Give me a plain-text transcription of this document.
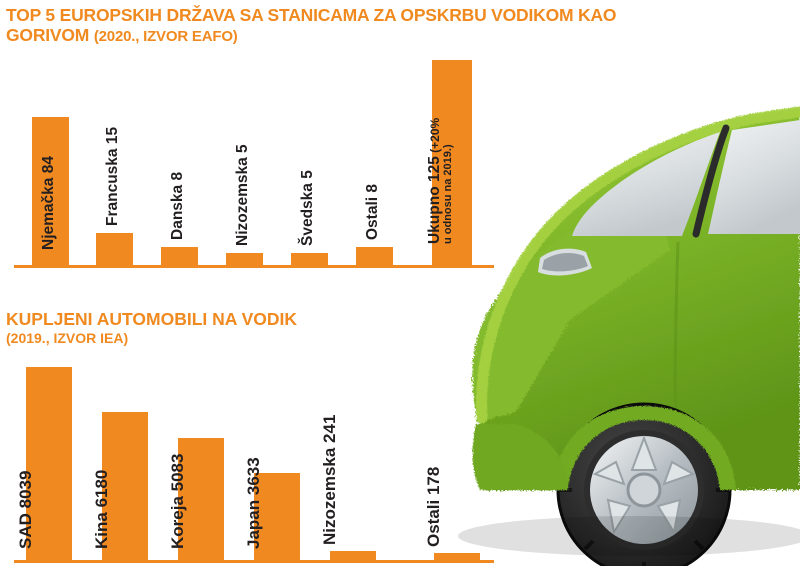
TOP 5 EUROPSKIH DRŽAVA SA STANICAMA ZA OPSKRBU VODIKOM KAO GORIVOM (2020., IZVOR EAFO)
Njemačka 84	Francuska 15
Danska 8	Nizozemska 5
Švedska 5
Ostali 8	Ukupno 125 (+20%
u odnosu na 2019.)
KUPLJENI AUTOMOBILI NA VODIK
(2019., IZVOR IEA)
SAD 8039
Kina 6180
Koreja 5083
Japan 3633	Nizozemska 241
Ostali 178
